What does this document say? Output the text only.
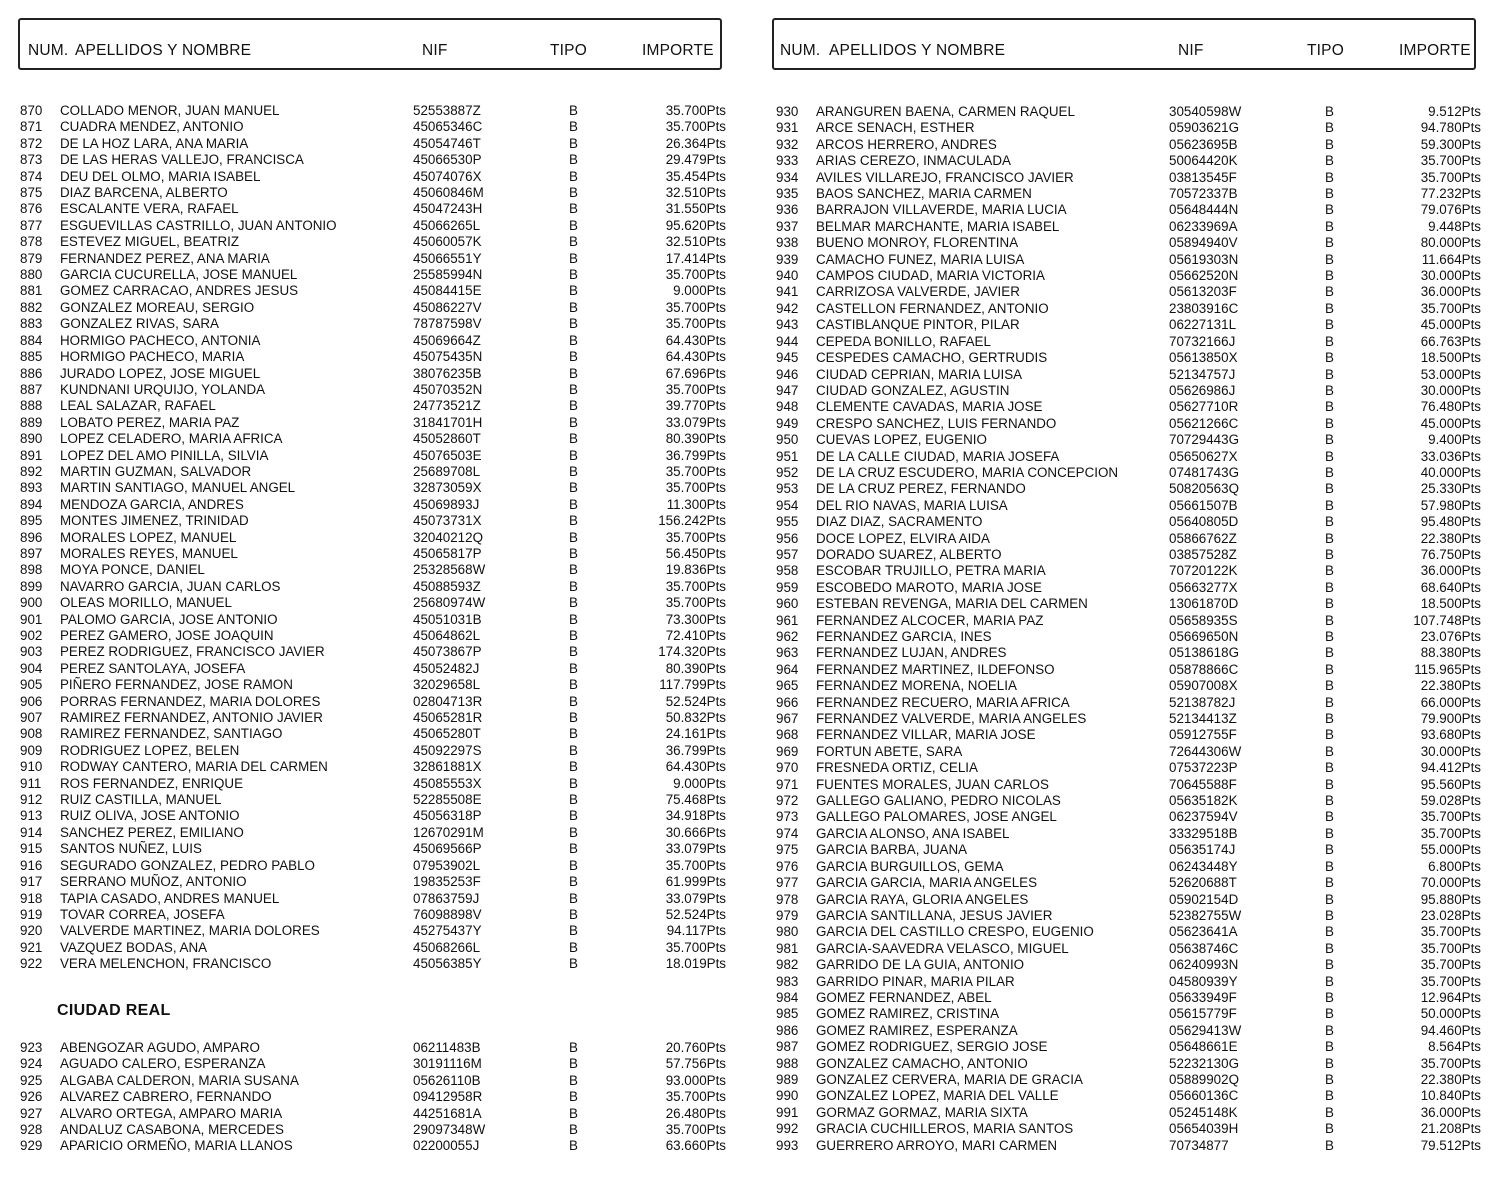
NUM. APELLIDOS Y NOMBRE	NIF	TIPO	IMPORTE	NUM. APELLIDOS Y NOMBRE	NIF	TIPO	IMPORTE
870	COLLADO MENOR, JUAN MANUEL	52553887Z	B	35.700Pts
871	CUADRA MENDEZ, ANTONIO	45065346C	B	35.700Pts
872	DE LA HOZ LARA, ANA MARIA	45054746T	B	26.364Pts
873	DE LAS HERAS VALLEJO, FRANCISCA	45066530P	B	29.479Pts
874	DEU DEL OLMO, MARIA ISABEL	45074076X	B	35.454Pts
875	DIAZ BARCENA, ALBERTO	45060846M	B	32.510Pts
876	ESCALANTE VERA, RAFAEL	45047243H	B	31.550Pts
877	ESGUEVILLAS CASTRILLO, JUAN ANTONIO	45066265L	B	95.620Pts
878	ESTEVEZ MIGUEL, BEATRIZ	45060057K	B	32.510Pts
879	FERNANDEZ PEREZ, ANA MARIA	45066551Y	B	17.414Pts
880	GARCIA CUCURELLA, JOSE MANUEL	25585994N	B	35.700Pts
881	GOMEZ CARRACAO, ANDRES JESUS	45084415E	B	9.000Pts
882	GONZALEZ MOREAU, SERGIO	45086227V	B	35.700Pts
883	GONZALEZ RIVAS, SARA	78787598V	B	35.700Pts
884	HORMIGO PACHECO, ANTONIA	45069664Z	B	64.430Pts
885	HORMIGO PACHECO, MARIA	45075435N	B	64.430Pts
886	JURADO LOPEZ, JOSE MIGUEL	38076235B	B	67.696Pts
887	KUNDNANI URQUIJO, YOLANDA	45070352N	B	35.700Pts
888	LEAL SALAZAR, RAFAEL	24773521Z	B	39.770Pts
889	LOBATO PEREZ, MARIA PAZ	31841701H	B	33.079Pts
890	LOPEZ CELADERO, MARIA AFRICA	45052860T	B	80.390Pts
891	LOPEZ DEL AMO PINILLA, SILVIA	45076503E	B	36.799Pts
892	MARTIN GUZMAN, SALVADOR	25689708L	B	35.700Pts
893	MARTIN SANTIAGO, MANUEL ANGEL	32873059X	B	35.700Pts
894	MENDOZA GARCIA, ANDRES	45069893J	B	11.300Pts
895	MONTES JIMENEZ, TRINIDAD	45073731X	B	156.242Pts
896	MORALES LOPEZ, MANUEL	32040212Q	B	35.700Pts
897	MORALES REYES, MANUEL	45065817P	B	56.450Pts
898	MOYA PONCE, DANIEL	25328568W	B	19.836Pts
899	NAVARRO GARCIA, JUAN CARLOS	45088593Z	B	35.700Pts
900	OLEAS MORILLO, MANUEL	25680974W	B	35.700Pts
901	PALOMO GARCIA, JOSE ANTONIO	45051031B	B	73.300Pts
902	PEREZ GAMERO, JOSE JOAQUIN	45064862L	B	72.410Pts
903	PEREZ RODRIGUEZ, FRANCISCO JAVIER	45073867P	B	174.320Pts
904	PEREZ SANTOLAYA, JOSEFA	45052482J	B	80.390Pts
905	PIÑERO FERNANDEZ, JOSE RAMON	32029658L	B	117.799Pts
906	PORRAS FERNANDEZ, MARIA DOLORES	02804713R	B	52.524Pts
907	RAMIREZ FERNANDEZ, ANTONIO JAVIER	45065281R	B	50.832Pts
908	RAMIREZ FERNANDEZ, SANTIAGO	45065280T	B	24.161Pts
909	RODRIGUEZ LOPEZ, BELEN	45092297S	B	36.799Pts
910	RODWAY CANTERO, MARIA DEL CARMEN	32861881X	B	64.430Pts
911	ROS FERNANDEZ, ENRIQUE	45085553X	B	9.000Pts
912	RUIZ CASTILLA, MANUEL	52285508E	B	75.468Pts
913	RUIZ OLIVA, JOSE ANTONIO	45056318P	B	34.918Pts
914	SANCHEZ PEREZ, EMILIANO	12670291M	B	30.666Pts
915	SANTOS NUÑEZ, LUIS	45069566P	B	33.079Pts
916	SEGURADO GONZALEZ, PEDRO PABLO	07953902L	B	35.700Pts
917	SERRANO MUÑOZ, ANTONIO	19835253F	B	61.999Pts
918	TAPIA CASADO, ANDRES MANUEL	07863759J	B	33.079Pts
919	TOVAR CORREA, JOSEFA	76098898V	B	52.524Pts
920	VALVERDE MARTINEZ, MARIA DOLORES	45275437Y	B	94.117Pts
921	VAZQUEZ BODAS, ANA	45068266L	B	35.700Pts
922	VERA MELENCHON, FRANCISCO	45056385Y	B	18.019Pts
CIUDAD REAL
923	ABENGOZAR AGUDO, AMPARO	06211483B	B	20.760Pts
924	AGUADO CALERO, ESPERANZA	30191116M	B	57.756Pts
925	ALGABA CALDERON, MARIA SUSANA	05626110B	B	93.000Pts
926	ALVAREZ CABRERO, FERNANDO	09412958R	B	35.700Pts
927	ALVARO ORTEGA, AMPARO MARIA	44251681A	B	26.480Pts
928	ANDALUZ CASABONA, MERCEDES	29097348W	B	35.700Pts
929	APARICIO ORMEÑO, MARIA LLANOS	02200055J	B	63.660Pts
930	ARANGUREN BAENA, CARMEN RAQUEL	30540598W	B	9.512Pts
931	ARCE SENACH, ESTHER	05903621G	B	94.780Pts
932	ARCOS HERRERO, ANDRES	05623695B	B	59.300Pts
933	ARIAS CEREZO, INMACULADA	50064420K	B	35.700Pts
934	AVILES VILLAREJO, FRANCISCO JAVIER	03813545F	B	35.700Pts
935	BAOS SANCHEZ, MARIA CARMEN	70572337B	B	77.232Pts
936	BARRAJON VILLAVERDE, MARIA LUCIA	05648444N	B	79.076Pts
937	BELMAR MARCHANTE, MARIA ISABEL	06233969A	B	9.448Pts
938	BUENO MONROY, FLORENTINA	05894940V	B	80.000Pts
939	CAMACHO FUNEZ, MARIA LUISA	05619303N	B	11.664Pts
940	CAMPOS CIUDAD, MARIA VICTORIA	05662520N	B	30.000Pts
941	CARRIZOSA VALVERDE, JAVIER	05613203F	B	36.000Pts
942	CASTELLON FERNANDEZ, ANTONIO	23803916C	B	35.700Pts
943	CASTIBLANQUE PINTOR, PILAR	06227131L	B	45.000Pts
944	CEPEDA BONILLO, RAFAEL	70732166J	B	66.763Pts
945	CESPEDES CAMACHO, GERTRUDIS	05613850X	B	18.500Pts
946	CIUDAD CEPRIAN, MARIA LUISA	52134757J	B	53.000Pts
947	CIUDAD GONZALEZ, AGUSTIN	05626986J	B	30.000Pts
948	CLEMENTE CAVADAS, MARIA JOSE	05627710R	B	76.480Pts
949	CRESPO SANCHEZ, LUIS FERNANDO	05621266C	B	45.000Pts
950	CUEVAS LOPEZ, EUGENIO	70729443G	B	9.400Pts
951	DE LA CALLE CIUDAD, MARIA JOSEFA	05650627X	B	33.036Pts
952	DE LA CRUZ ESCUDERO, MARIA CONCEPCION	07481743G	B	40.000Pts
953	DE LA CRUZ PEREZ, FERNANDO	50820563Q	B	25.330Pts
954	DEL RIO NAVAS, MARIA LUISA	05661507B	B	57.980Pts
955	DIAZ DIAZ, SACRAMENTO	05640805D	B	95.480Pts
956	DOCE LOPEZ, ELVIRA AIDA	05866762Z	B	22.380Pts
957	DORADO SUAREZ, ALBERTO	03857528Z	B	76.750Pts
958	ESCOBAR TRUJILLO, PETRA MARIA	70720122K	B	36.000Pts
959	ESCOBEDO MAROTO, MARIA JOSE	05663277X	B	68.640Pts
960	ESTEBAN REVENGA, MARIA DEL CARMEN	13061870D	B	18.500Pts
961	FERNANDEZ ALCOCER, MARIA PAZ	05658935S	B	107.748Pts
962	FERNANDEZ GARCIA, INES	05669650N	B	23.076Pts
963	FERNANDEZ LUJAN, ANDRES	05138618G	B	88.380Pts
964	FERNANDEZ MARTINEZ, ILDEFONSO	05878866C	B	115.965Pts
965	FERNANDEZ MORENA, NOELIA	05907008X	B	22.380Pts
966	FERNANDEZ RECUERO, MARIA AFRICA	52138782J	B	66.000Pts
967	FERNANDEZ VALVERDE, MARIA ANGELES	52134413Z	B	79.900Pts
968	FERNANDEZ VILLAR, MARIA JOSE	05912755F	B	93.680Pts
969	FORTUN ABETE, SARA	72644306W	B	30.000Pts
970	FRESNEDA ORTIZ, CELIA	07537223P	B	94.412Pts
971	FUENTES MORALES, JUAN CARLOS	70645588F	B	95.560Pts
972	GALLEGO GALIANO, PEDRO NICOLAS	05635182K	B	59.028Pts
973	GALLEGO PALOMARES, JOSE ANGEL	06237594V	B	35.700Pts
974	GARCIA ALONSO, ANA ISABEL	33329518B	B	35.700Pts
975	GARCIA BARBA, JUANA	05635174J	B	55.000Pts
976	GARCIA BURGUILLOS, GEMA	06243448Y	B	6.800Pts
977	GARCIA GARCIA, MARIA ANGELES	52620688T	B	70.000Pts
978	GARCIA RAYA, GLORIA ANGELES	05902154D	B	95.880Pts
979	GARCIA SANTILLANA, JESUS JAVIER	52382755W	B	23.028Pts
980	GARCIA DEL CASTILLO CRESPO, EUGENIO	05623641A	B	35.700Pts
981	GARCIA-SAAVEDRA VELASCO, MIGUEL	05638746C	B	35.700Pts
982	GARRIDO DE LA GUIA, ANTONIO	06240993N	B	35.700Pts
983	GARRIDO PINAR, MARIA PILAR	04580939Y	B	35.700Pts
984	GOMEZ FERNANDEZ, ABEL	05633949F	B	12.964Pts
985	GOMEZ RAMIREZ, CRISTINA	05615779F	B	50.000Pts
986	GOMEZ RAMIREZ, ESPERANZA	05629413W	B	94.460Pts
987	GOMEZ RODRIGUEZ, SERGIO JOSE	05648661E	B	8.564Pts
988	GONZALEZ CAMACHO, ANTONIO	52232130G	B	35.700Pts
989	GONZALEZ CERVERA, MARIA DE GRACIA	05889902Q	B	22.380Pts
990	GONZALEZ LOPEZ, MARIA DEL VALLE	05660136C	B	10.840Pts
991	GORMAZ GORMAZ, MARIA SIXTA	05245148K	B	36.000Pts
992	GRACIA CUCHILLEROS, MARIA SANTOS	05654039H	B	21.208Pts
993	GUERRERO ARROYO, MARI CARMEN	70734877	B	79.512Pts
